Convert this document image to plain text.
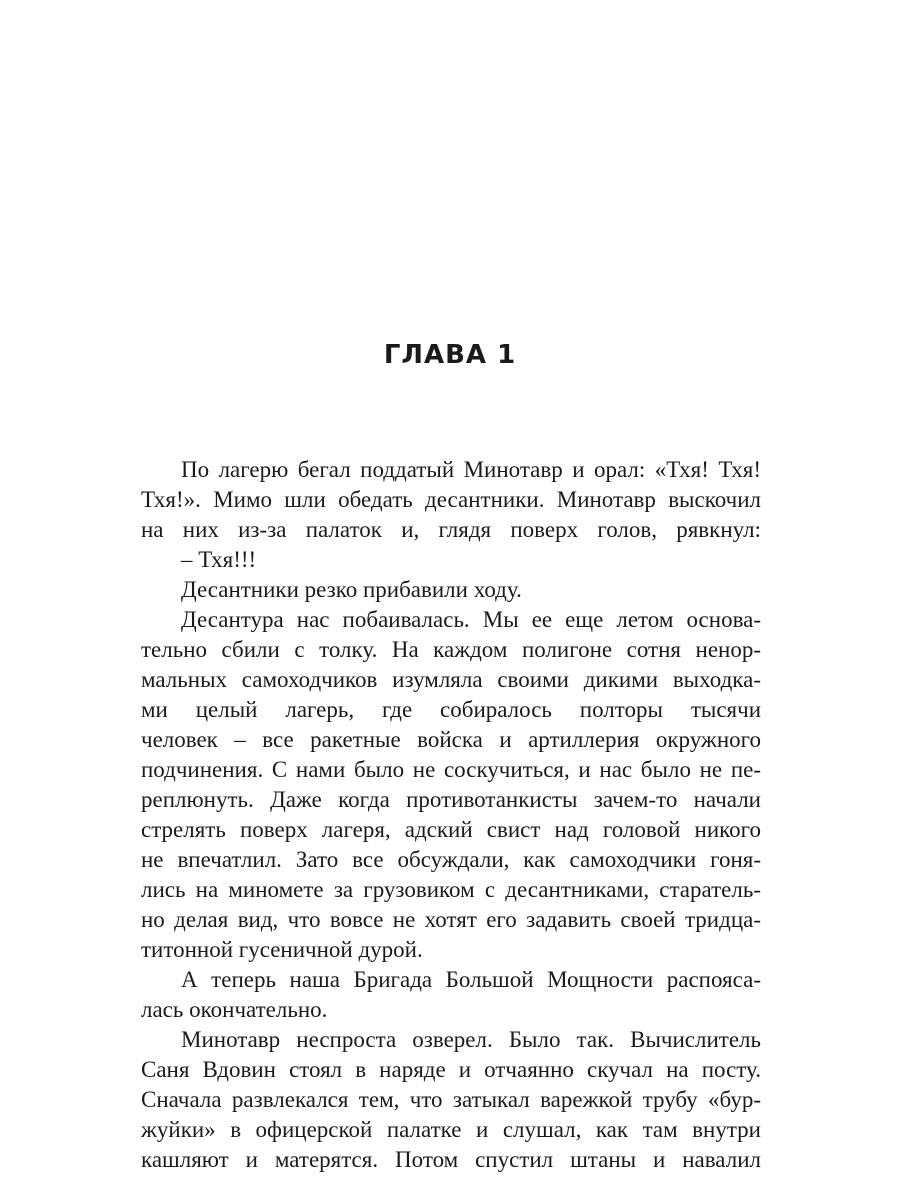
ГЛАВА 1
По лагерю бегал поддатый Минотавр и орал: «Тхя! Тхя!
Тхя!». Мимо шли обедать десантники. Минотавр выскочил
на них из-за палаток и, глядя поверх голов, рявкнул:
– Тхя!!!
Десантники резко прибавили ходу.
Десантура нас побаивалась. Мы ее еще летом основа-
тельно сбили с толку. На каждом полигоне сотня ненор-
мальных самоходчиков изумляла своими дикими выходка-
ми целый лагерь, где собиралось полторы тысячи
человек – все ракетные войска и артиллерия окружного
подчинения. С нами было не соскучиться, и нас было не пе-
реплюнуть. Даже когда противотанкисты зачем-то начали
стрелять поверх лагеря, адский свист над головой никого
не впечатлил. Зато все обсуждали, как самоходчики гоня-
лись на миномете за грузовиком с десантниками, старатель-
но делая вид, что вовсе не хотят его задавить своей тридца-
титонной гусеничной дурой.
А теперь наша Бригада Большой Мощности распояса-
лась окончательно.
Минотавр неспроста озверел. Было так. Вычислитель
Саня Вдовин стоял в наряде и отчаянно скучал на посту.
Сначала развлекался тем, что затыкал варежкой трубу «бур-
жуйки» в офицерской палатке и слушал, как там внутри
кашляют и матерятся. Потом спустил штаны и навалил
